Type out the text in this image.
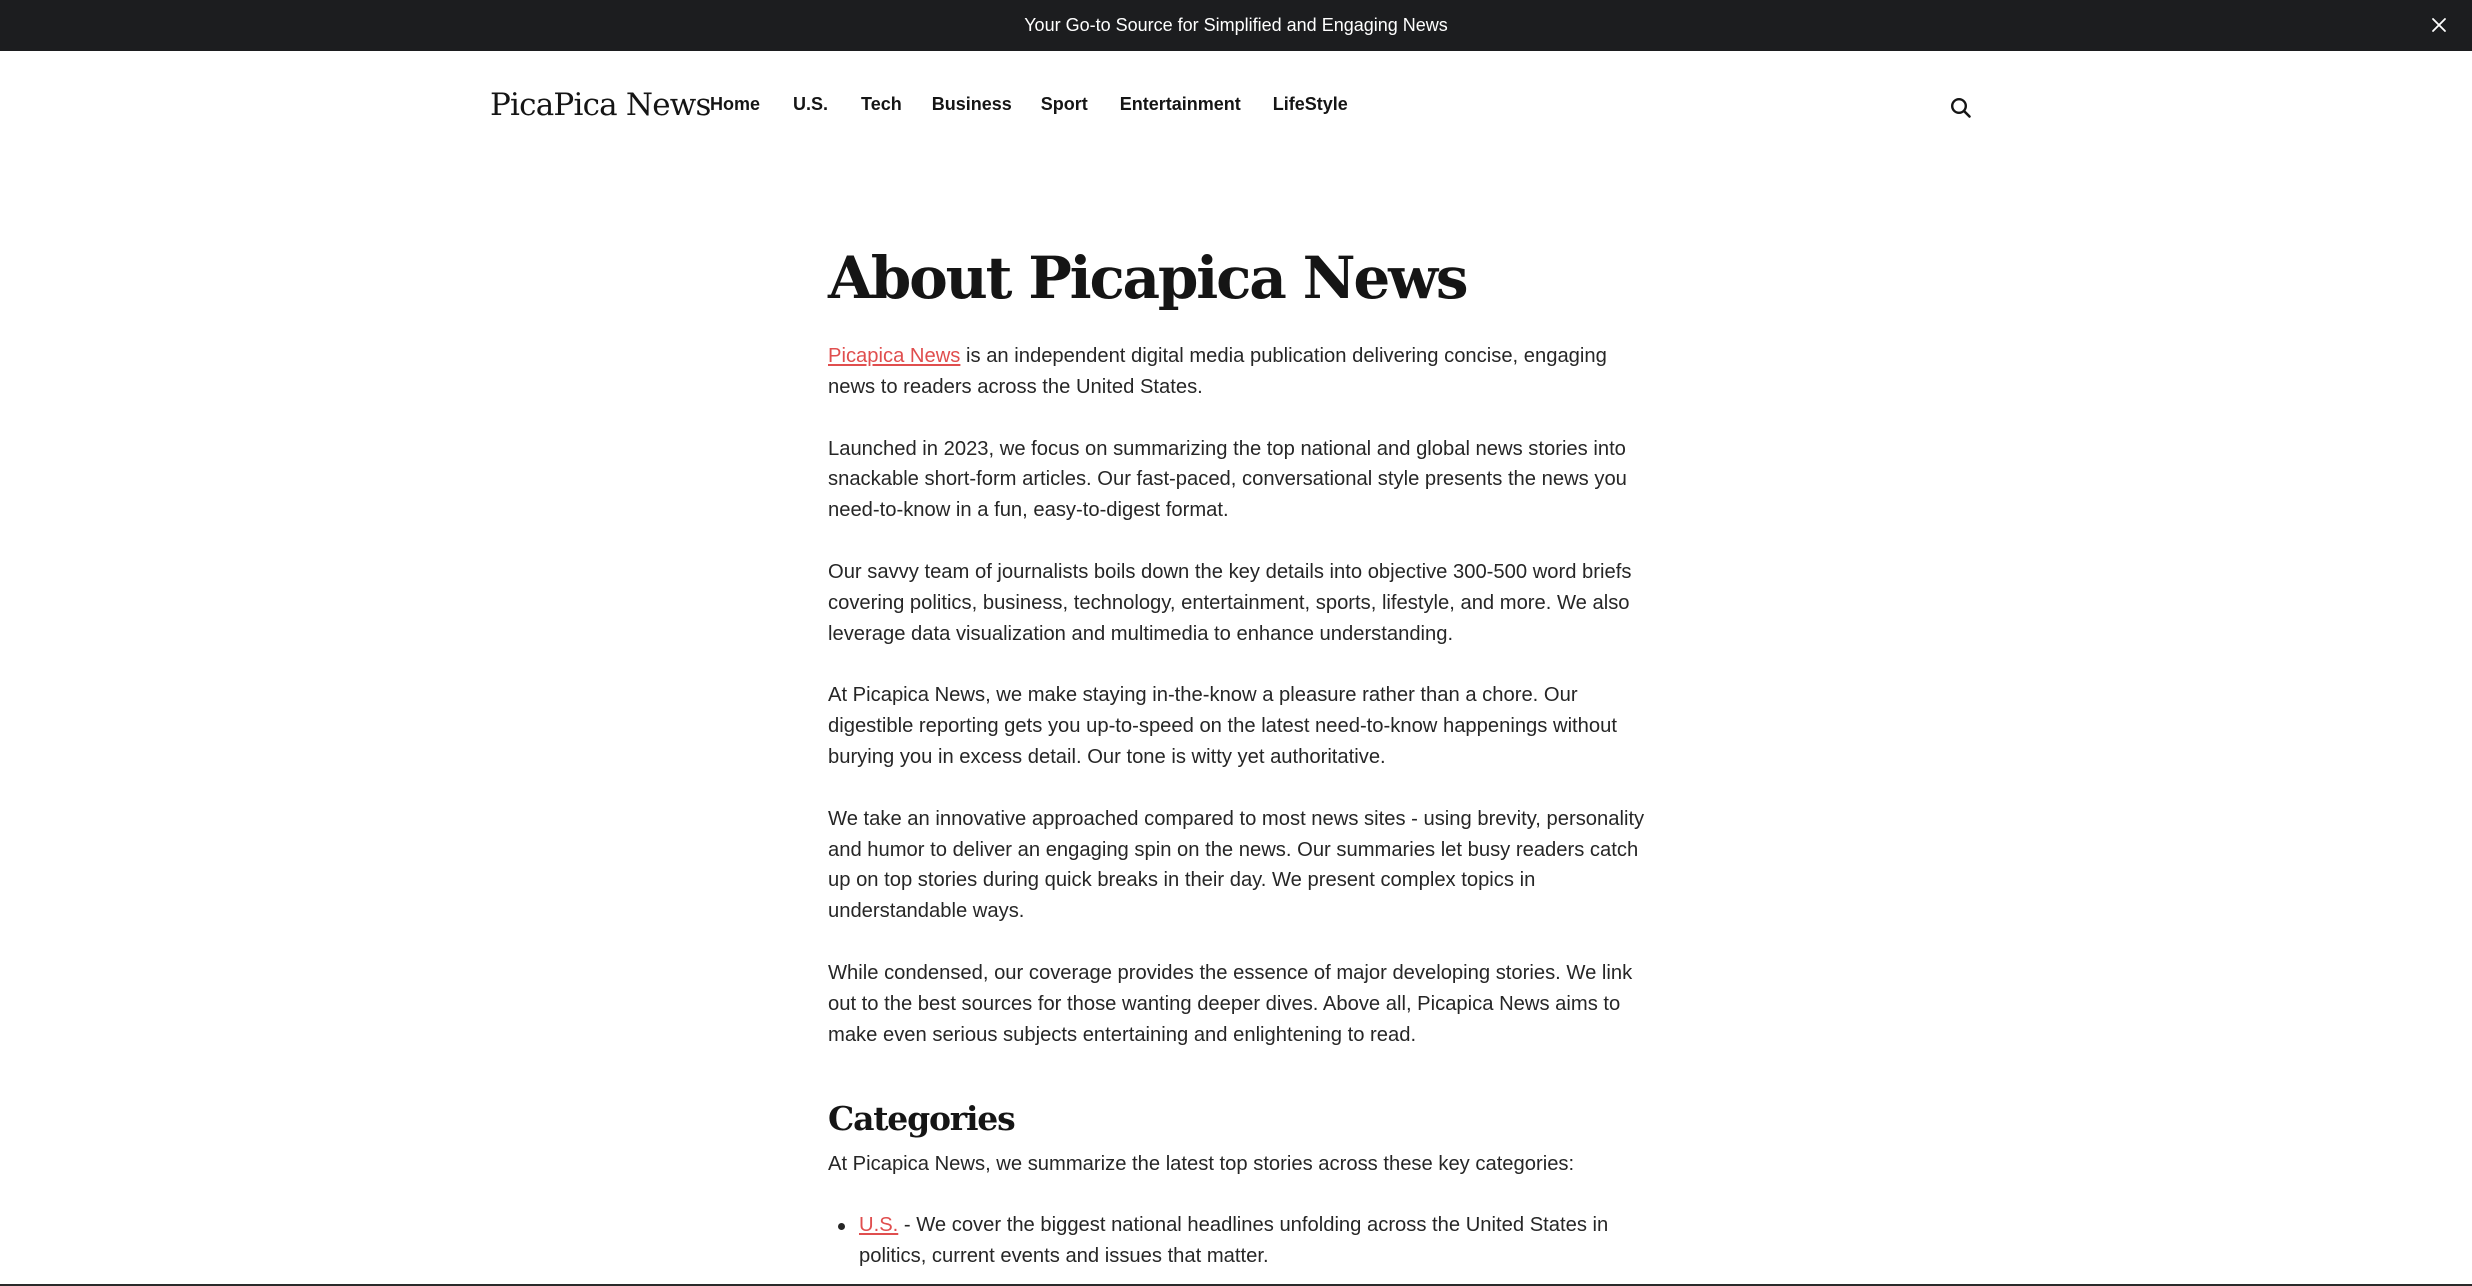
Your Go-to Source for Simplified and Engaging News
PicaPica News Home U.S. Tech Business Sport Entertainment LifeStyle
About Picapica News

Picapica News is an independent digital media publication delivering concise, engaging news to readers across the United States.

Launched in 2023, we focus on summarizing the top national and global news stories into snackable short-form articles. Our fast-paced, conversational style presents the news you need-to-know in a fun, easy-to-digest format.

Our savvy team of journalists boils down the key details into objective 300-500 word briefs covering politics, business, technology, entertainment, sports, lifestyle, and more. We also leverage data visualization and multimedia to enhance understanding.

At Picapica News, we make staying in-the-know a pleasure rather than a chore. Our digestible reporting gets you up-to-speed on the latest need-to-know happenings without burying you in excess detail. Our tone is witty yet authoritative.

We take an innovative approached compared to most news sites - using brevity, personality and humor to deliver an engaging spin on the news. Our summaries let busy readers catch up on top stories during quick breaks in their day. We present complex topics in understandable ways.

While condensed, our coverage provides the essence of major developing stories. We link out to the best sources for those wanting deeper dives. Above all, Picapica News aims to make even serious subjects entertaining and enlightening to read.

Categories

At Picapica News, we summarize the latest top stories across these key categories:

U.S. - We cover the biggest national headlines unfolding across the United States in politics, current events and issues that matter.
